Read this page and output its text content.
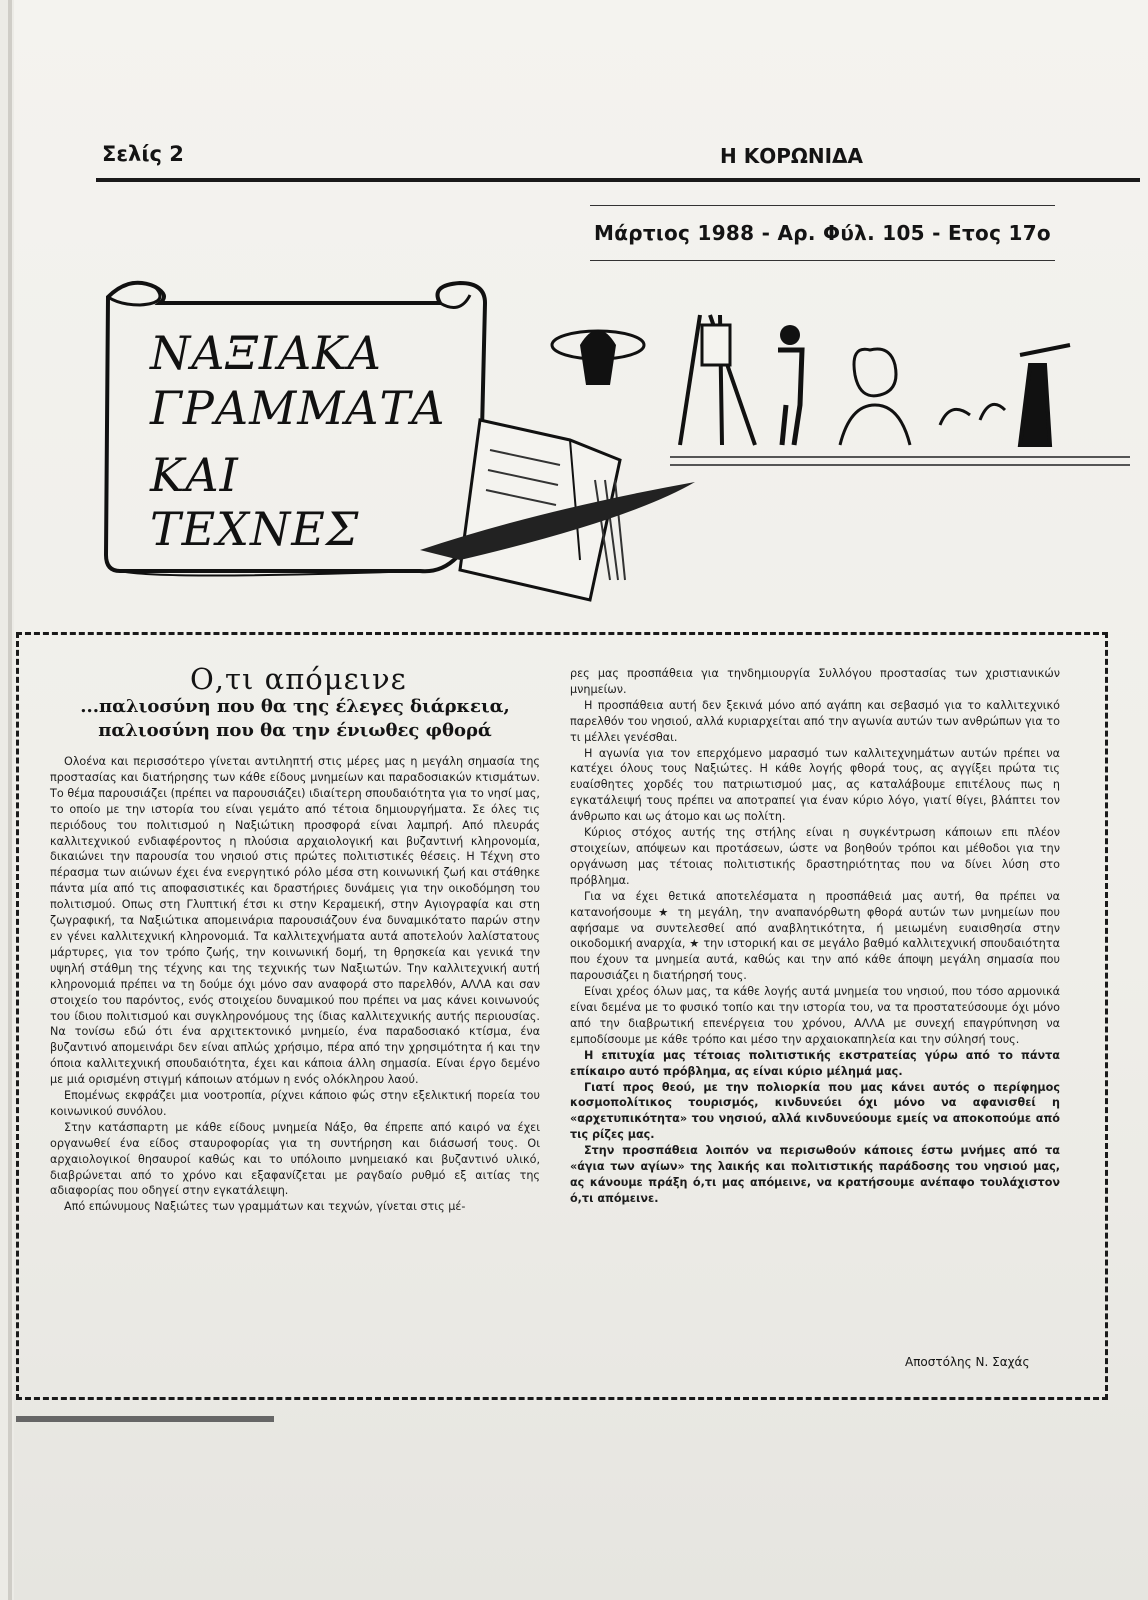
Σελίς 2	Η ΚΟΡΩΝΙΔΑ
Μάρτιος 1988 - Αρ. Φύλ. 105 - Ετος 17ο
ΝΑΞΙΑΚΑ
ΓΡΑΜΜΑΤΑ
ΚΑΙ
ΤΕΧΝΕΣ
Ο,τι απόμεινε
...παλιοσύνη που θα της έλεγες διάρκεια,
παλιοσύνη που θα την ένιωθες φθορά

Ολοένα και περισσότερο γίνεται αντιληπτή στις μέρες μας η μεγάλη σημασία της προστασίας και διατήρησης των κάθε είδους μνημείων και παραδοσιακών κτισμάτων. Το θέμα παρουσιάζει (πρέπει να παρουσιάζει) ιδιαίτερη σπουδαιότητα για το νησί μας, το οποίο με την ιστορία του είναι γεμάτο από τέτοια δημιουργήματα. Σε όλες τις περιόδους του πολιτισμού η Ναξιώτικη προσφορά είναι λαμπρή. Από πλευράς καλλιτεχνικού ενδιαφέροντος η πλούσια αρχαιολογική και βυζαντινή κληρονομία, δικαιώνει την παρουσία του νησιού στις πρώτες πολιτιστικές θέσεις. Η Τέχνη στο πέρασμα των αιώνων έχει ένα ενεργητικό ρόλο μέσα στη κοινωνική ζωή και στάθηκε πάντα μία από τις αποφασιστικές και δραστήριες δυνάμεις για την οικοδόμηση του πολιτισμού. Οπως στη Γλυπτική έτσι κι στην Κεραμεική, στην Αγιογραφία και στη ζωγραφική, τα Ναξιώτικα απομεινάρια παρουσιάζουν ένα δυναμικότατο παρών στην εν γένει καλλιτεχνική κληρονομιά. Τα καλλιτεχνήματα αυτά αποτελούν λαλίστατους μάρτυρες, για τον τρόπο ζωής, την κοινωνική δομή, τη θρησκεία και γενικά την υψηλή στάθμη της τέχνης και της τεχνικής των Ναξιωτών. Την καλλιτεχνική αυτή κληρονομιά πρέπει να τη δούμε όχι μόνο σαν αναφορά στο παρελθόν, ΑΛΛΑ και σαν στοιχείο του παρόντος, ενός στοιχείου δυναμικού που πρέπει να μας κάνει κοινωνούς του ίδιου πολιτισμού και συγκληρονόμους της ίδιας καλλιτεχνικής αυτής περιουσίας. Να τονίσω εδώ ότι ένα αρχιτεκτονικό μνημείο, ένα παραδοσιακό κτίσμα, ένα βυζαντινό απομεινάρι δεν είναι απλώς χρήσιμο, πέρα από την χρησιμότητα ή και την όποια καλλιτεχνική σπουδαιότητα, έχει και κάποια άλλη σημασία. Είναι έργο δεμένο με μιά ορισμένη στιγμή κάποιων ατόμων η ενός ολόκληρου λαού.

Επομένως εκφράζει μια νοοτροπία, ρίχνει κάποιο φώς στην εξελικτική πορεία του κοινωνικού συνόλου.

Στην κατάσπαρτη με κάθε είδους μνημεία Νάξο, θα έπρεπε από καιρό να έχει οργανωθεί ένα είδος σταυροφορίας για τη συντήρηση και διάσωσή τους. Οι αρχαιολογικοί θησαυροί καθώς και το υπόλοιπο μνημειακό και βυζαντινό υλικό, διαβρώνεται από το χρόνο και εξαφανίζεται με ραγδαίο ρυθμό εξ αιτίας της αδιαφορίας που οδηγεί στην εγκατάλειψη.

Από επώνυμους Ναξιώτες των γραμμάτων και τεχνών, γίνεται στις μέ-

ρες μας προσπάθεια για τηνδημιουργία Συλλόγου προστασίας των χριστιανικών μνημείων.

Η προσπάθεια αυτή δεν ξεκινά μόνο από αγάπη και σεβασμό για το καλλιτεχνικό παρελθόν του νησιού, αλλά κυριαρχείται από την αγωνία αυτών των ανθρώπων για το τι μέλλει γενέσθαι.

Η αγωνία για τον επερχόμενο μαρασμό των καλλιτεχνημάτων αυτών πρέπει να κατέχει όλους τους Ναξιώτες. Η κάθε λογής φθορά τους, ας αγγίξει πρώτα τις ευαίσθητες χορδές του πατριωτισμού μας, ας καταλάβουμε επιτέλους πως η εγκατάλειψή τους πρέπει να αποτραπεί για έναν κύριο λόγο, γιατί θίγει, βλάπτει τον άνθρωπο και ως άτομο και ως πολίτη.

Κύριος στόχος αυτής της στήλης είναι η συγκέντρωση κάποιων επι πλέον στοιχείων, απόψεων και προτάσεων, ώστε να βοηθούν τρόποι και μέθοδοι για την οργάνωση μας τέτοιας πολιτιστικής δραστηριότητας που να δίνει λύση στο πρόβλημα.

Για να έχει θετικά αποτελέσματα η προσπάθειά μας αυτή, θα πρέπει να κατανοήσουμε ★ τη μεγάλη, την αναπανόρθωτη φθορά αυτών των μνημείων που αφήσαμε να συντελεσθεί από αναβλητικότητα, ή μειωμένη ευαισθησία στην οικοδομική αναρχία, ★ την ιστορική και σε μεγάλο βαθμό καλλιτεχνική σπουδαιότητα που έχουν τα μνημεία αυτά, καθώς και την από κάθε άποψη μεγάλη σημασία που παρουσιάζει η διατήρησή τους.

Είναι χρέος όλων μας, τα κάθε λογής αυτά μνημεία του νησιού, που τόσο αρμονικά είναι δεμένα με το φυσικό τοπίο και την ιστορία του, να τα προστατεύσουμε όχι μόνο από την διαβρωτική επενέργεια του χρόνου, ΑΛΛΑ με συνεχή επαγρύπνηση να εμποδίσουμε με κάθε τρόπο και μέσο την αρχαιοκαπηλεία και την σύλησή τους.

Η επιτυχία μας τέτοιας πολιτιστικής εκστρατείας γύρω από το πάντα επίκαιρο αυτό πρόβλημα, ας είναι κύριο μέλημά μας.

Γιατί προς θεού, με την πολιορκία που μας κάνει αυτός ο περίφημος κοσμοπολίτικος τουρισμός, κινδυνεύει όχι μόνο να αφανισθεί η «αρχετυπικότητα» του νησιού, αλλά κινδυνεύουμε εμείς να αποκοπούμε από τις ρίζες μας.

Στην προσπάθεια λοιπόν να περισωθούν κάποιες έστω μνήμες από τα «άγια των αγίων» της λαικής και πολιτιστικής παράδοσης του νησιού μας, ας κάνουμε πράξη ό,τι μας απόμεινε, να κρατήσουμε ανέπαφο τουλάχιστον ό,τι απόμεινε.

Αποστόλης Ν. Σαχάς
